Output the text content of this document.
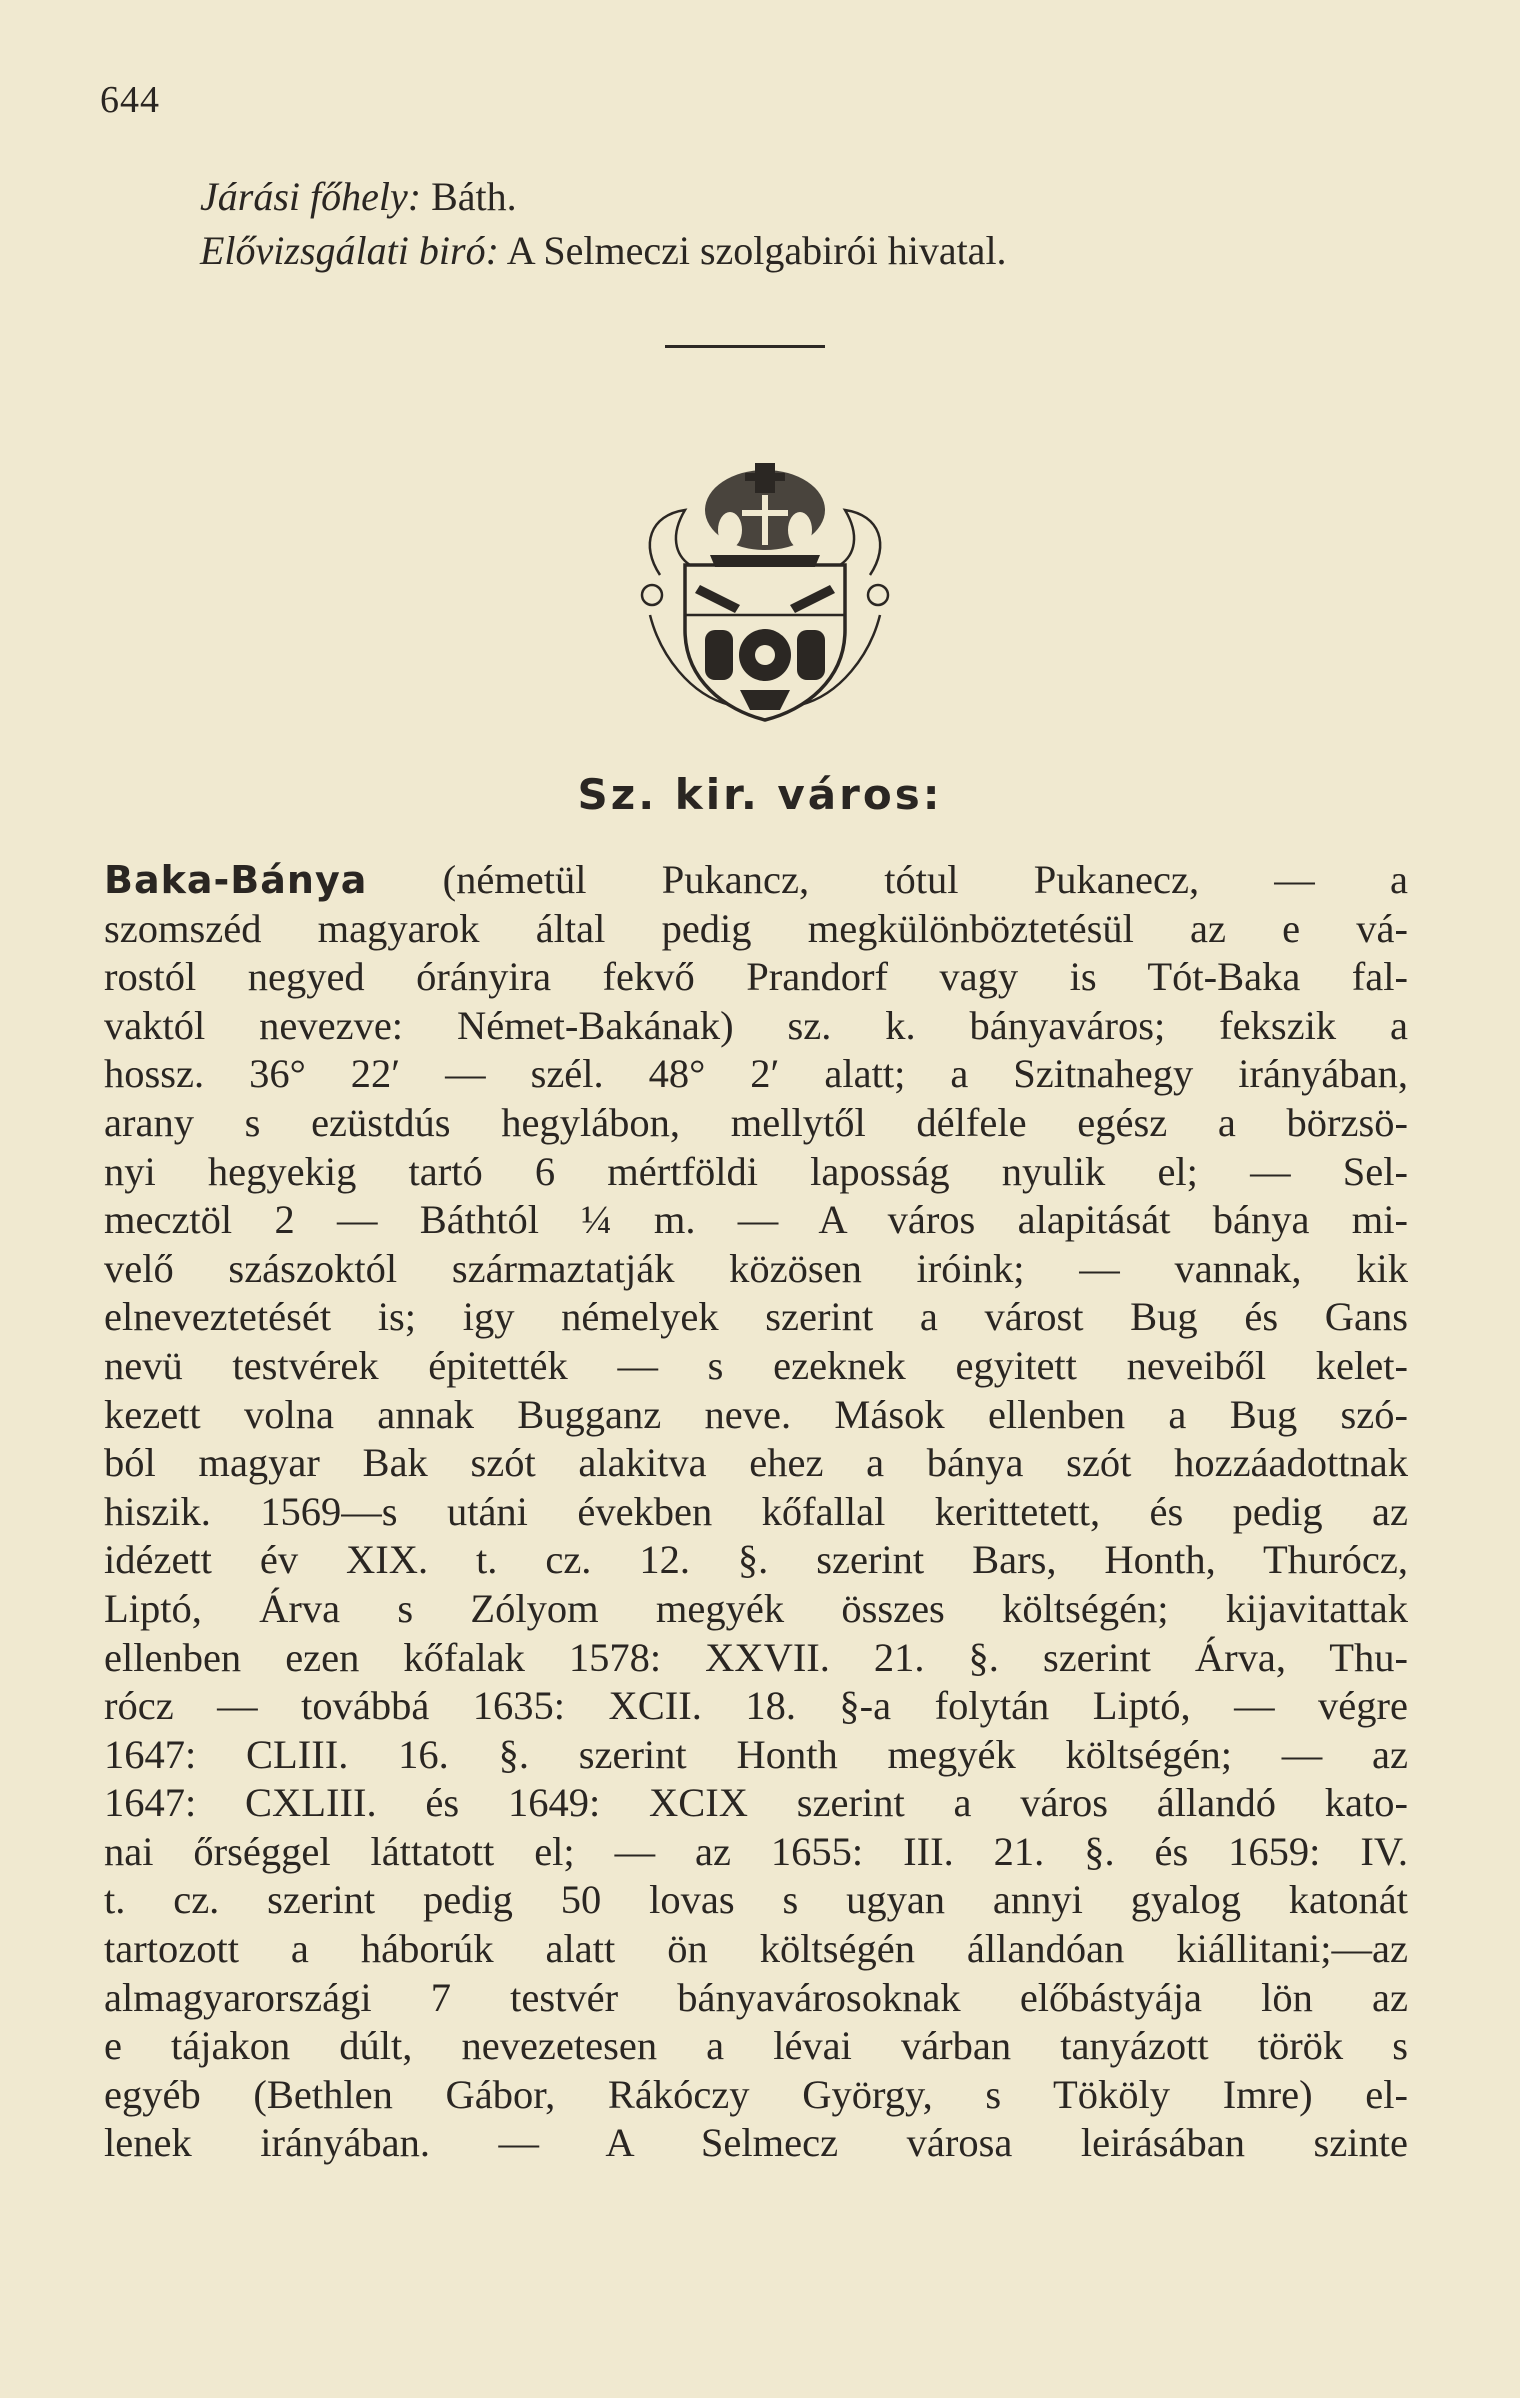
644
Járási főhely: Báth.
Elővizsgálati biró: A Selmeczi szolgabirói hivatal.
Sz. kir. város:
Baka-Bánya (németül Pukancz, tótul Pukanecz, — a
szomszéd magyarok által pedig megkülönböztetésül az e vá-
rostól negyed órányira fekvő Prandorf vagy is Tót-Baka fal-
vaktól nevezve: Német-Bakának) sz. k. bányaváros; fekszik a
hossz. 36° 22′ — szél. 48° 2′ alatt; a Szitnahegy irányában,
arany s ezüstdús hegylábon, mellytől délfele egész a börzsö-
nyi hegyekig tartó 6 mértföldi laposság nyulik el; — Sel-
mecztöl 2 — Báthtól ¼ m. — A város alapitását bánya mi-
velő szászoktól származtatják közösen iróink; — vannak, kik
elneveztetését is; igy némelyek szerint a várost Bug és Gans
nevü testvérek épitették — s ezeknek egyitett neveiből kelet-
kezett volna annak Bugganz neve. Mások ellenben a Bug szó-
ból magyar Bak szót alakitva ehez a bánya szót hozzáadottnak
hiszik. 1569—s utáni években kőfallal kerittetett, és pedig az
idézett év XIX. t. cz. 12. §. szerint Bars, Honth, Thurócz,
Liptó, Árva s Zólyom megyék összes költségén; kijavitattak
ellenben ezen kőfalak 1578: XXVII. 21. §. szerint Árva, Thu-
rócz — továbbá 1635: XCII. 18. §-a folytán Liptó, — végre
1647: CLIII. 16. §. szerint Honth megyék költségén; — az
1647: CXLIII. és 1649: XCIX szerint a város állandó kato-
nai őrséggel láttatott el; — az 1655: III. 21. §. és 1659: IV.
t. cz. szerint pedig 50 lovas s ugyan annyi gyalog katonát
tartozott a háborúk alatt ön költségén állandóan kiállitani;—az
almagyarországi 7 testvér bányavárosoknak előbástyája lön az
e tájakon dúlt, nevezetesen a lévai várban tanyázott török s
egyéb (Bethlen Gábor, Rákóczy György, s Tököly Imre) el-
lenek irányában. — A Selmecz városa leirásában szinte
